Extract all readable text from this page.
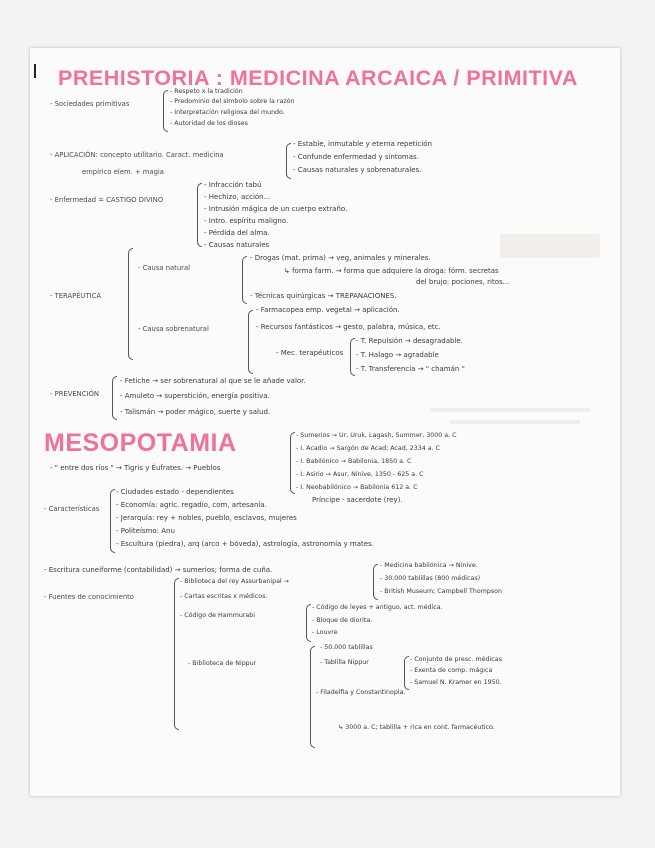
PREHISTORIA : MEDICINA ARCAICA / PRIMITIVA
- Sociedades primitivas
- Respeto x la tradición
- Predominio del símbolo sobre la razón
- Interpretación religiosa del mundo.
- Autoridad de los dioses
- APLICACIÓN: concepto utilitario. Caract. medicina
empírico elem. + magia
- Estable, inmutable y eterna repetición
- Confunde enfermedad y síntomas.
- Causas naturales y sobrenaturales.
- Enfermedad = CASTIGO DIVINO
- Infracción tabú
- Hechizo, acción...
- Intrusión mágica de un cuerpo extraño.
- Intro. espíritu maligno.
- Pérdida del alma.
- Causas naturales
- TERAPÉUTICA
- Causa natural
- Drogas (mat. prima) → veg, animales y minerales.
↳ forma farm. → forma que adquiere la droga: fórm. secretas
del brujo: pociones, ritos...
- Técnicas quirúrgicas → TREPANACIONES.
- Causa sobrenatural
- Farmacopea emp. vegetal → aplicación.
- Recursos fantásticos → gesto, palabra, música, etc.
- Mec. terapéuticos
- T. Repulsión → desagradable.
- T. Halago → agradable
- T. Transferencia → " chamán "
- PREVENCIÓN
- Fetiche → ser sobrenatural al que se le añade valor.
- Amuleto → superstición, energía positiva.
- Talismán → poder mágico, suerte y salud.
MESOPOTAMIA	- Sumerios → Ur, Uruk, Lagash, Summer, 3000 a. C
- I. Acadio → Sargón de Acad; Acad, 2334 a. C
- I. Babilónico → Babilonia, 1850 a. C
- I. Asirio → Asur, Nínive, 1350 - 625 a. C
- I. Neobabilónico → Babilonia 612 a. C
- " entre dos ríos " → Tigris y Éufrates. → Pueblos
- Características
- Ciudades estado - dependientes
- Economía: agric. regadío, com, artesanía.
- Jerarquía: rey + nobles, pueblo, esclavos, mujeres
- Politeísmo: Anu
- Escultura (piedra), arq (arco + bóveda), astrología, astronomía y mates.
Príncipe - sacerdote (rey).
- Escritura cuneiforme (contabilidad) → sumerios; forma de cuña.
- Fuentes de conocimiento
- Biblioteca del rey Assurbanipal →
- Medicina babilónica → Nínive.
- 30.000 tablillas (800 médicas)
- British Museum; Campbell Thompson
- Cartas escritas x médicos.
- Código de Hammurabi
- Código de leyes + antiguo, act. médica.
- Bloque de diorita.
- Louvre
- Biblioteca de Nippur
- 50.000 tablillas
- Tablilla Nippur
- Filadelfia y Constantinopla.
- Conjunto de presc. médicas
- Exenta de comp. mágica
- Samuel N. Kramer en 1950.
↳ 3000 a. C; tablilla + rica en cont. farmacéutico.
